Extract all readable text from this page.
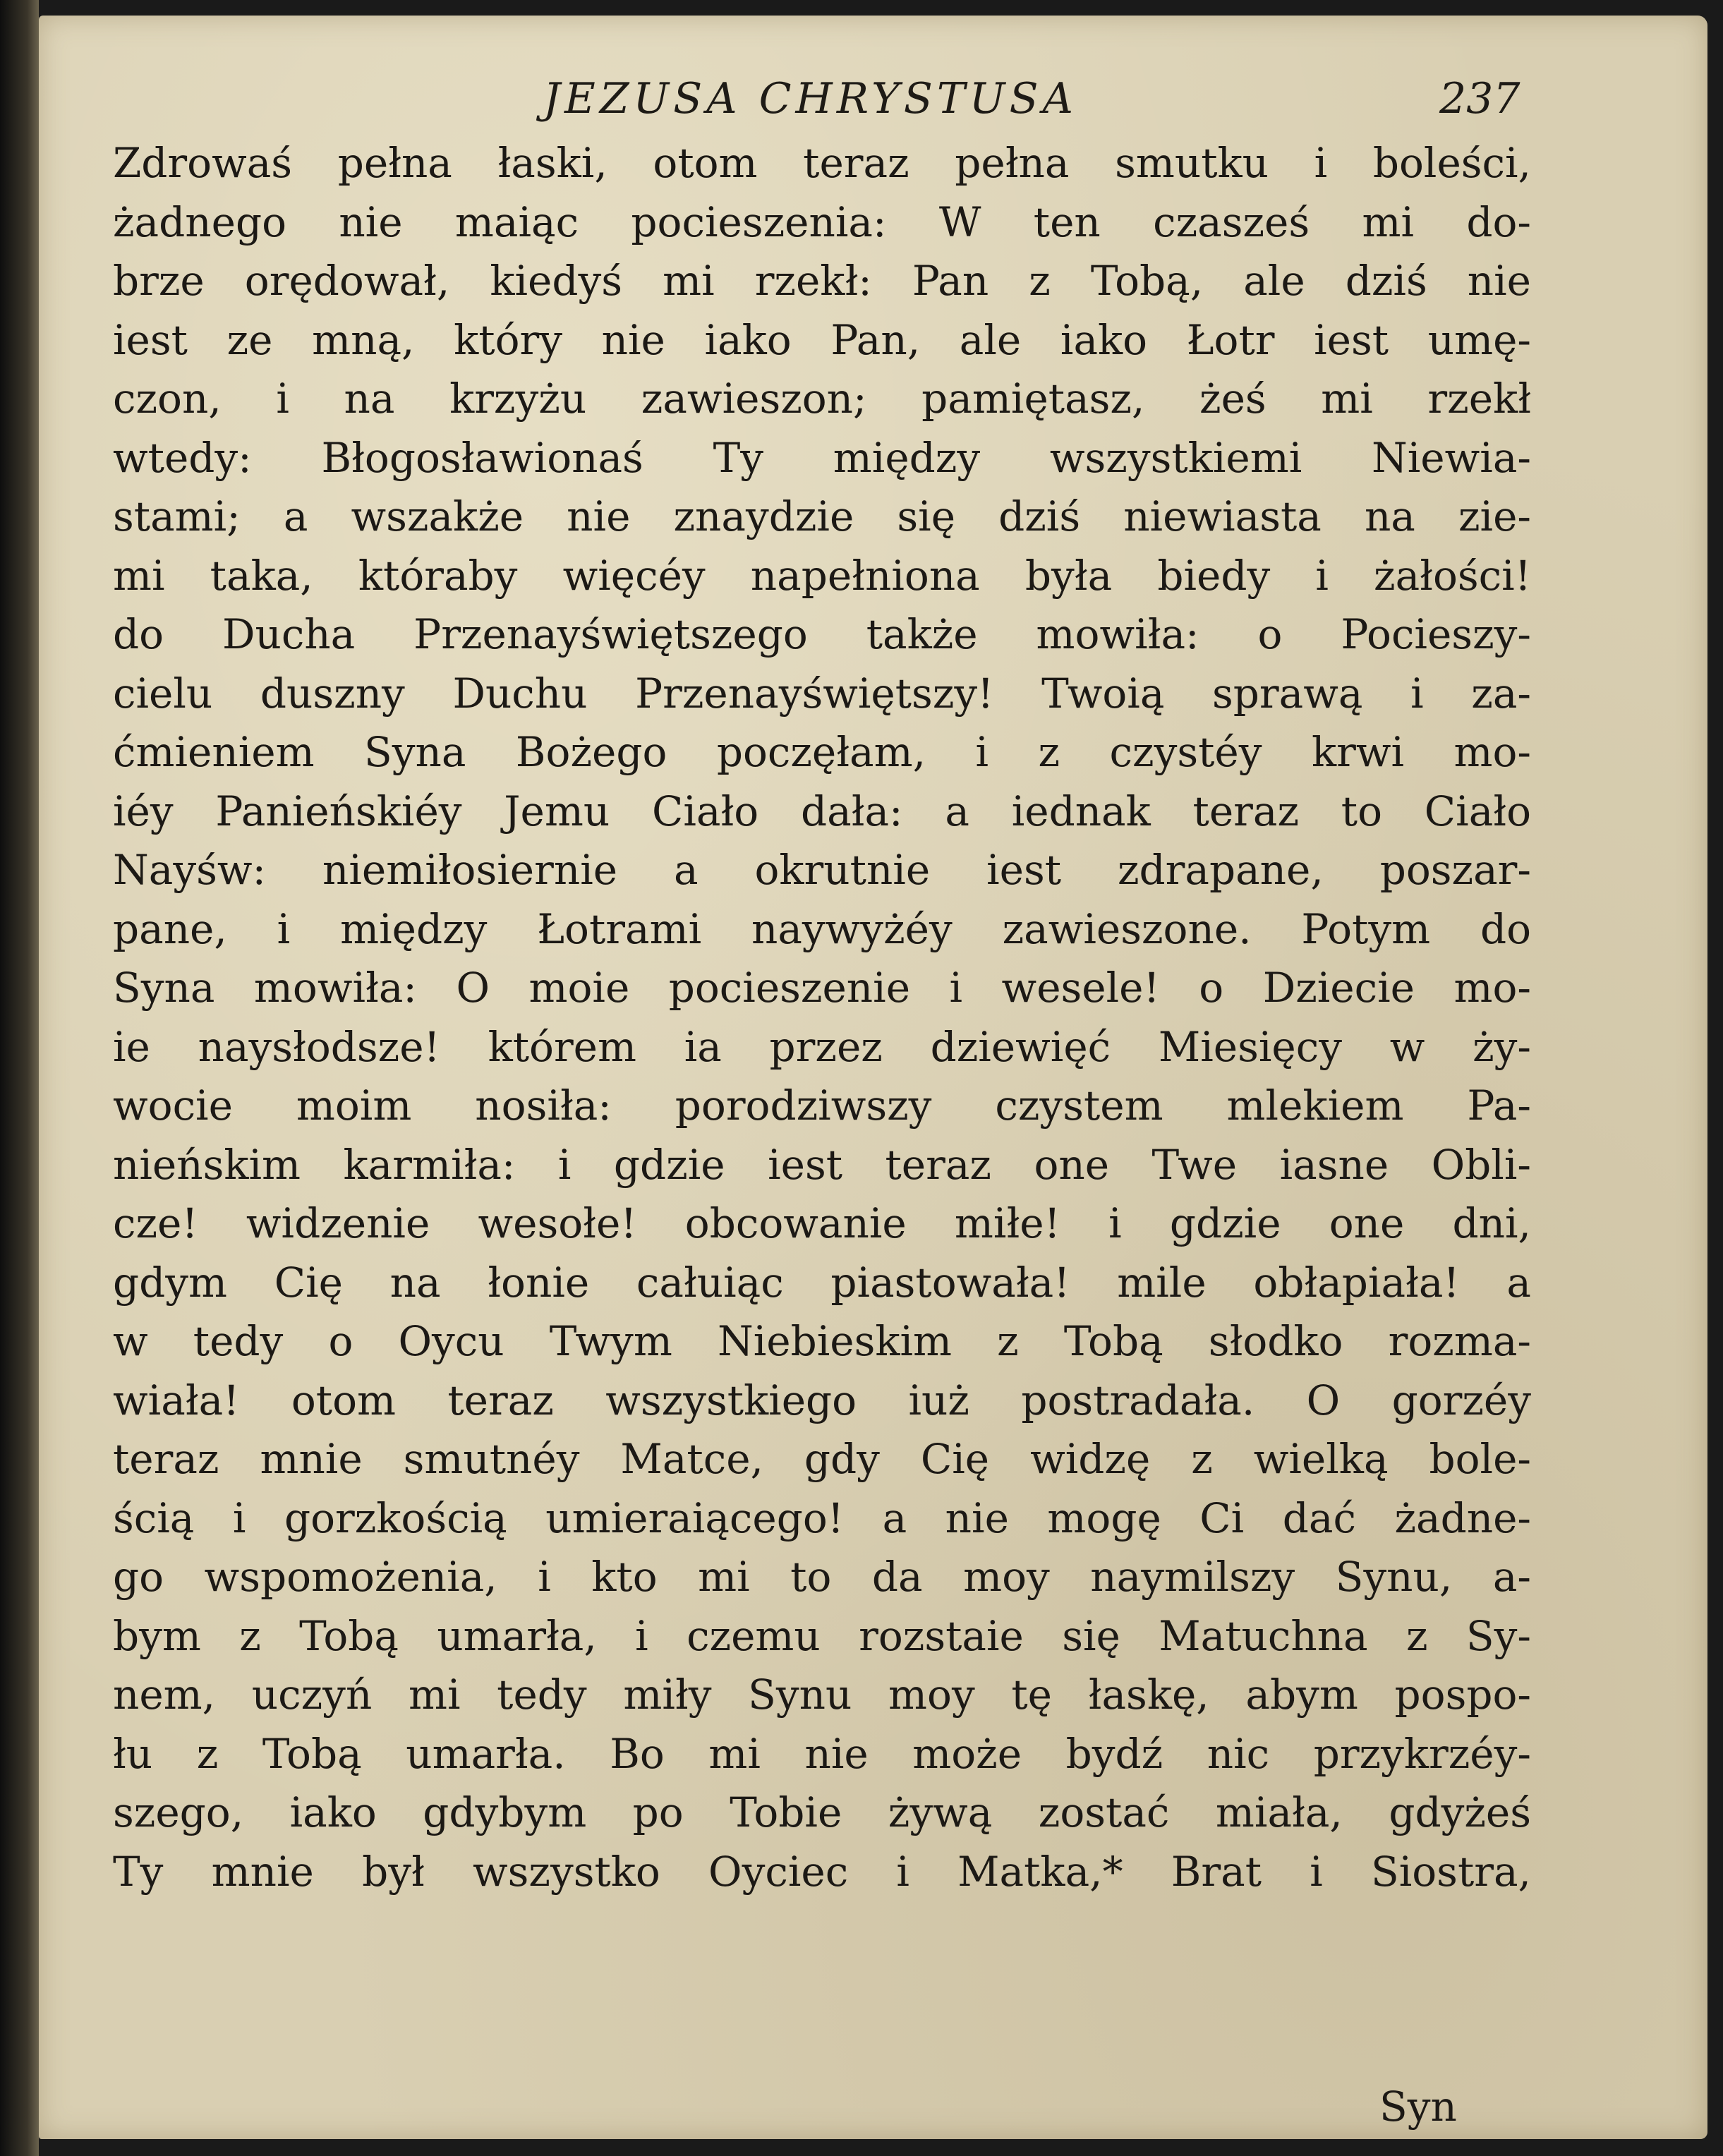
JEZUSA CHRYSTUSA	237
Zdrowaś pełna łaski, otom teraz pełna smutku i boleści,
żadnego nie maiąc pocieszenia: W ten czasześ mi do-
brze orędował, kiedyś mi rzekł: Pan z Tobą, ale dziś nie
iest ze mną, który nie iako Pan, ale iako Łotr iest umę-
czon, i na krzyżu zawieszon; pamiętasz, żeś mi rzekł
wtedy: Błogosławionaś Ty między wszystkiemi Niewia-
stami; a wszakże nie znaydzie się dziś niewiasta na zie-
mi taka, któraby więcéy napełniona była biedy i żałości!
do Ducha Przenayświętszego także mowiła: o Pocieszy-
cielu duszny Duchu Przenayświętszy! Twoią sprawą i za-
ćmieniem Syna Bożego poczęłam, i z czystéy krwi mo-
iéy Panieńskiéy Jemu Ciało dała: a iednak teraz to Ciało
Nayśw: niemiłosiernie a okrutnie iest zdrapane, poszar-
pane, i między Łotrami naywyżéy zawieszone. Potym do
Syna mowiła: O moie pocieszenie i wesele! o Dziecie mo-
ie naysłodsze! którem ia przez dziewięć Miesięcy w ży-
wocie moim nosiła: porodziwszy czystem mlekiem Pa-
nieńskim karmiła: i gdzie iest teraz one Twe iasne Obli-
cze! widzenie wesołe! obcowanie miłe! i gdzie one dni,
gdym Cię na łonie całuiąc piastowała! mile obłapiała! a
w tedy o Oycu Twym Niebieskim z Tobą słodko rozma-
wiała! otom teraz wszystkiego iuż postradała. O gorzéy
teraz mnie smutnéy Matce, gdy Cię widzę z wielką bole-
ścią i gorzkością umieraiącego! a nie mogę Ci dać żadne-
go wspomożenia, i kto mi to da moy naymilszy Synu, a-
bym z Tobą umarła, i czemu rozstaie się Matuchna z Sy-
nem, uczyń mi tedy miły Synu moy tę łaskę, abym pospo-
łu z Tobą umarła. Bo mi nie może bydź nic przykrzéy-
szego, iako gdybym po Tobie żywą zostać miała, gdyżeś
Ty mnie był wszystko Oyciec i Matka,* Brat i Siostra,
Syn
